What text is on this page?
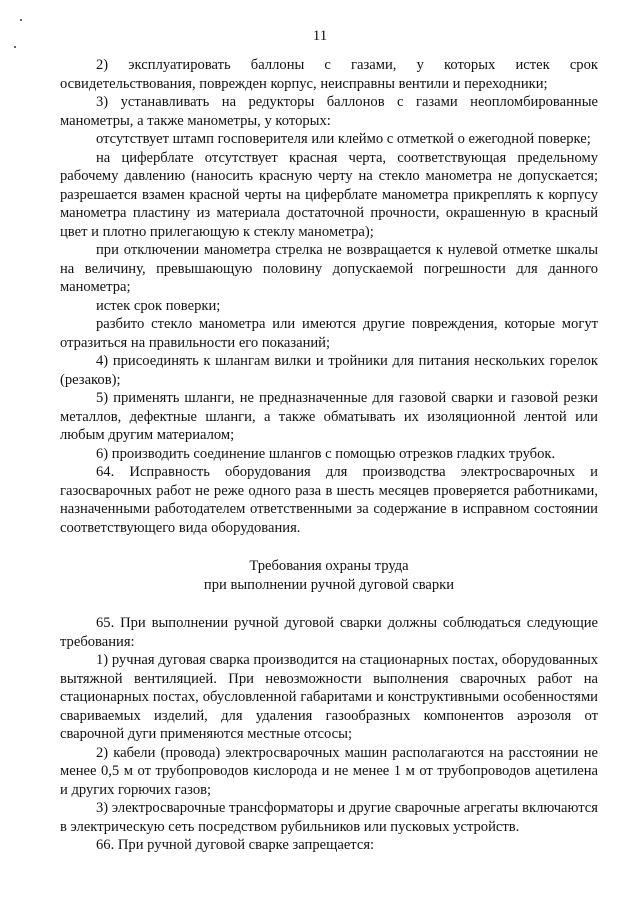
11

2) эксплуатировать баллоны с газами, у которых истек срок освидетельствования, поврежден корпус, неисправны вентили и переходники;

3) устанавливать на редукторы баллонов с газами неопломбированные манометры, а также манометры, у которых:

отсутствует штамп госповерителя или клеймо с отметкой о ежегодной поверке;

на циферблате отсутствует красная черта, соответствующая предельному рабочему давлению (наносить красную черту на стекло манометра не допускается; разрешается взамен красной черты на циферблате манометра прикреплять к корпусу манометра пластину из материала достаточной прочности, окрашенную в красный цвет и плотно прилегающую к стеклу манометра);

при отключении манометра стрелка не возвращается к нулевой отметке шкалы на величину, превышающую половину допускаемой погрешности для данного манометра;

истек срок поверки;

разбито стекло манометра или имеются другие повреждения, которые могут отразиться на правильности его показаний;

4) присоединять к шлангам вилки и тройники для питания нескольких горелок (резаков);

5) применять шланги, не предназначенные для газовой сварки и газовой резки металлов, дефектные шланги, а также обматывать их изоляционной лентой или любым другим материалом;

6) производить соединение шлангов с помощью отрезков гладких трубок.

64. Исправность оборудования для производства электросварочных и газосварочных работ не реже одного раза в шесть месяцев проверяется работниками, назначенными работодателем ответственными за содержание в исправном состоянии соответствующего вида оборудования.

Требования охраны труда
при выполнении ручной дуговой сварки

65. При выполнении ручной дуговой сварки должны соблюдаться следующие требования:

1) ручная дуговая сварка производится на стационарных постах, оборудованных вытяжной вентиляцией. При невозможности выполнения сварочных работ на стационарных постах, обусловленной габаритами и конструктивными особенностями свариваемых изделий, для удаления газообразных компонентов аэрозоля от сварочной дуги применяются местные отсосы;

2) кабели (провода) электросварочных машин располагаются на расстоянии не менее 0,5 м от трубопроводов кислорода и не менее 1 м от трубопроводов ацетилена и других горючих газов;

3) электросварочные трансформаторы и другие сварочные агрегаты включаются в электрическую сеть посредством рубильников или пусковых устройств.

66. При ручной дуговой сварке запрещается:
